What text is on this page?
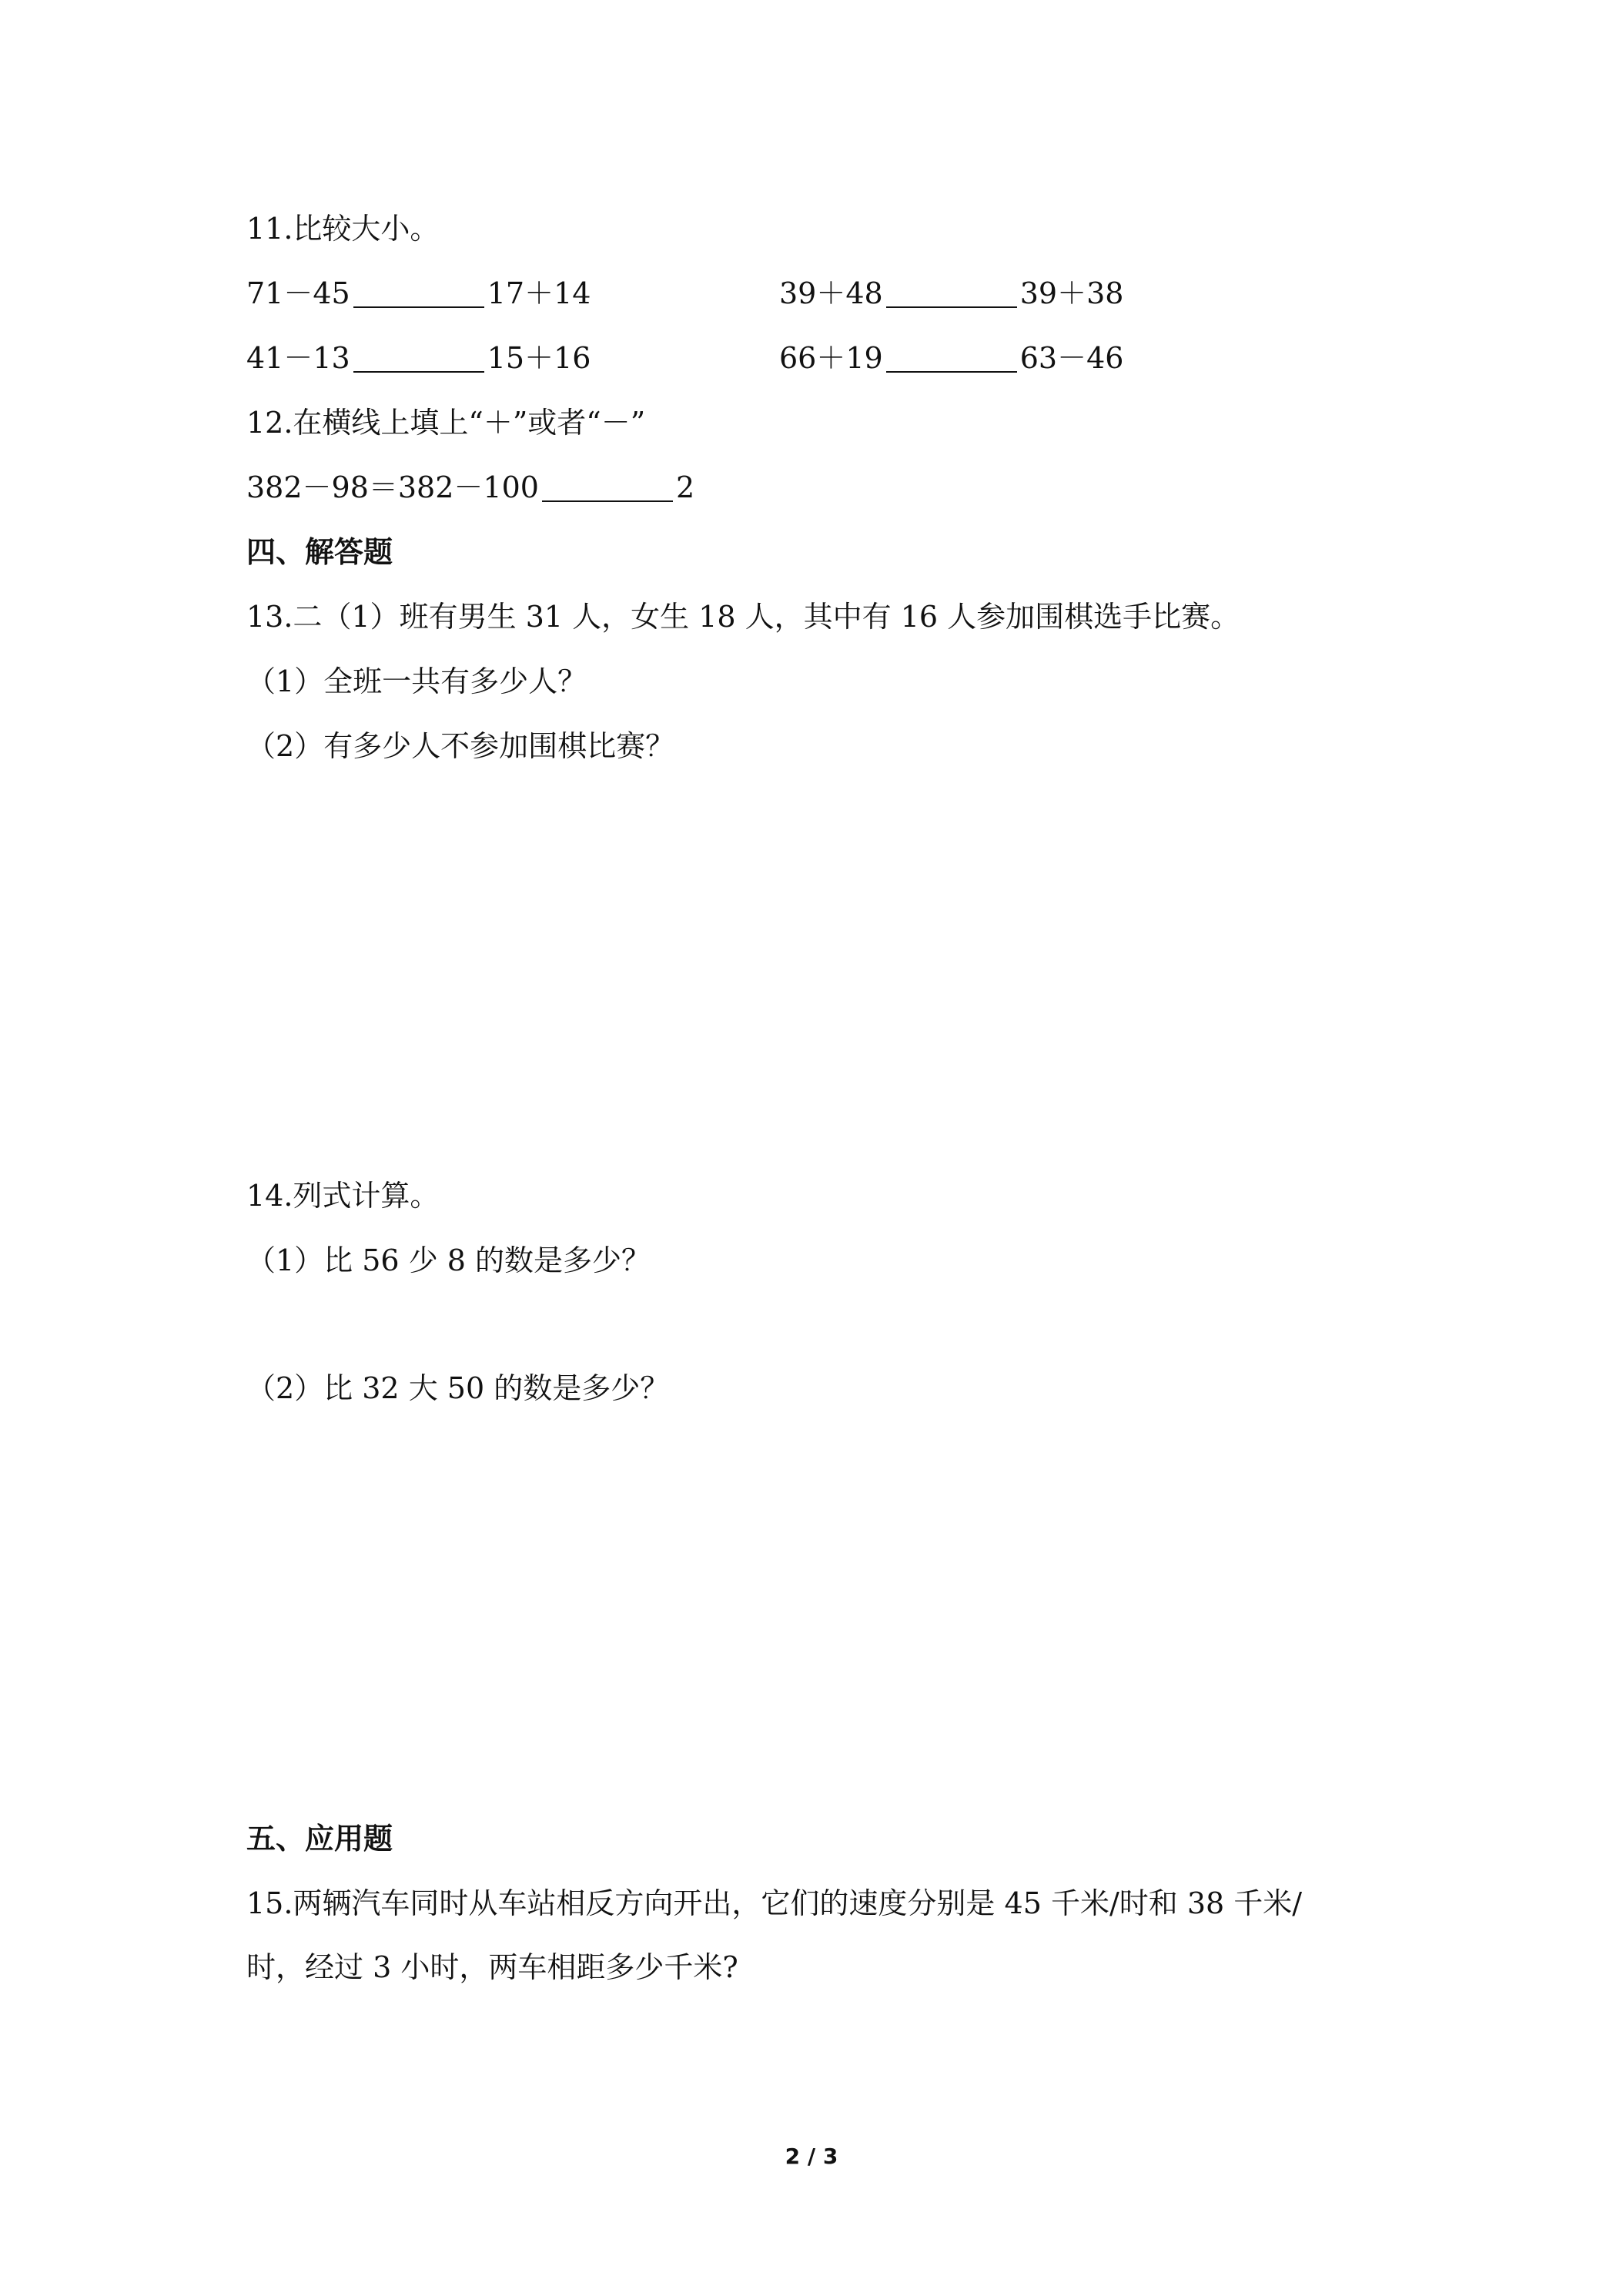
11.比较大小。
71－45	17＋14	39＋48	39＋38
41－13	15＋16	66＋19	63－46
12.在横线上填上“＋”或者“－”
382－98＝382－100	2
四、解答题
13.二（1）班有男生 31 人，女生 18 人，其中有 16 人参加围棋选手比赛。
（1）全班一共有多少人？
（2）有多少人不参加围棋比赛？
14.列式计算。
（1）比 56 少 8 的数是多少？
（2）比 32 大 50 的数是多少？
五、应用题
15.两辆汽车同时从车站相反方向开出，它们的速度分别是 45 千米/时和 38 千米/
时，经过 3 小时，两车相距多少千米?
2 / 3
